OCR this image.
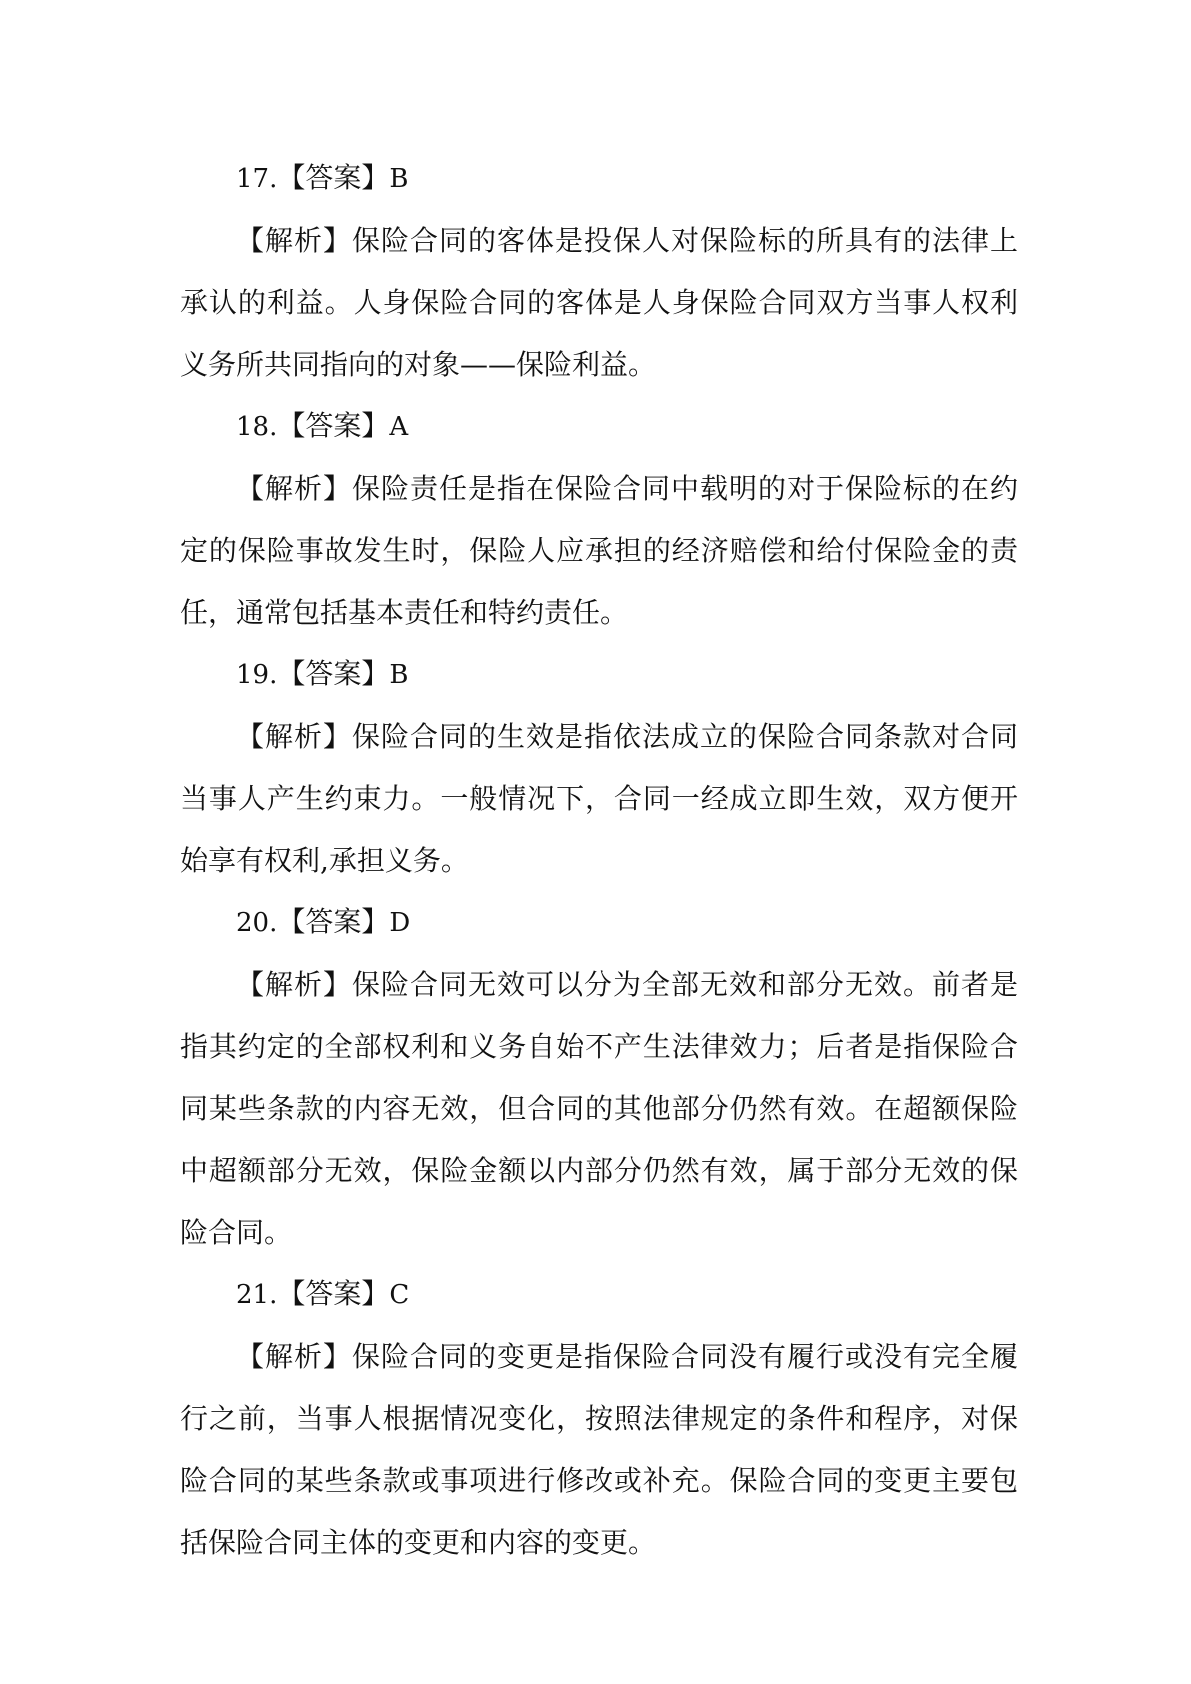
17.【答案】B

【解析】保险合同的客体是投保人对保险标的所具有的法律上承认的利益。人身保险合同的客体是人身保险合同双方当事人权利义务所共同指向的对象——保险利益。

18.【答案】A

【解析】保险责任是指在保险合同中载明的对于保险标的在约定的保险事故发生时，保险人应承担的经济赔偿和给付保险金的责任，通常包括基本责任和特约责任。

19.【答案】B

【解析】保险合同的生效是指依法成立的保险合同条款对合同当事人产生约束力。一般情况下，合同一经成立即生效，双方便开始享有权利,承担义务。

20.【答案】D

【解析】保险合同无效可以分为全部无效和部分无效。前者是指其约定的全部权利和义务自始不产生法律效力；后者是指保险合同某些条款的内容无效，但合同的其他部分仍然有效。在超额保险中超额部分无效，保险金额以内部分仍然有效，属于部分无效的保险合同。

21.【答案】C

【解析】保险合同的变更是指保险合同没有履行或没有完全履行之前，当事人根据情况变化，按照法律规定的条件和程序，对保险合同的某些条款或事项进行修改或补充。保险合同的变更主要包括保险合同主体的变更和内容的变更。
